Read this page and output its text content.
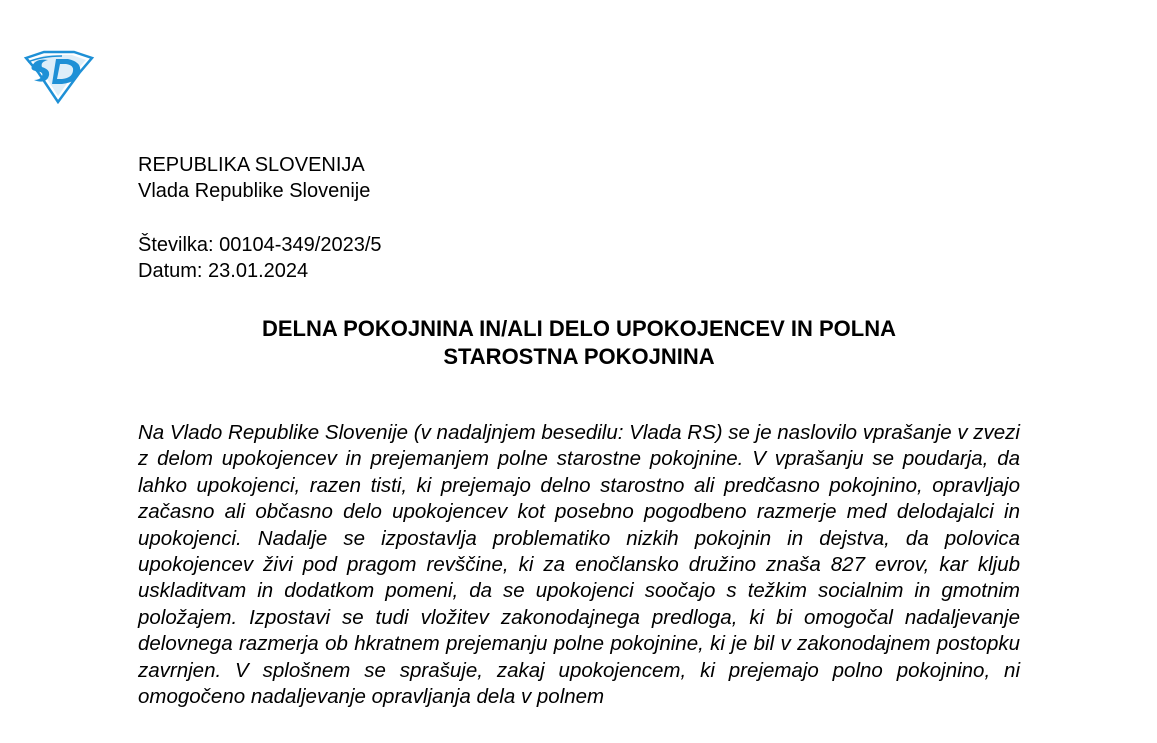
REPUBLIKA SLOVENIJA
Vlada Republike Slovenije
Številka: 00104-349/2023/5
Datum: 23.01.2024
DELNA POKOJNINA IN/ALI DELO UPOKOJENCEV IN POLNA
STAROSTNA POKOJNINA
Na Vlado Republike Slovenije (v nadaljnjem besedilu: Vlada RS) se je naslovilo vprašanje v zvezi z delom upokojencev in prejemanjem polne starostne pokojnine. V vprašanju se poudarja, da lahko upokojenci, razen tisti, ki prejemajo delno starostno ali predčasno pokojnino, opravljajo začasno ali občasno delo upokojencev kot posebno pogodbeno razmerje med delodajalci in upokojenci. Nadalje se izpostavlja problematiko nizkih pokojnin in dejstva, da polovica upokojencev živi pod pragom revščine, ki za enočlansko družino znaša 827 evrov, kar kljub uskladitvam in dodatkom pomeni, da se upokojenci soočajo s težkim socialnim in gmotnim položajem. Izpostavi se tudi vložitev zakonodajnega predloga, ki bi omogočal nadaljevanje delovnega razmerja ob hkratnem prejemanju polne pokojnine, ki je bil v zakonodajnem postopku zavrnjen. V splošnem se sprašuje, zakaj upokojencem, ki prejemajo polno pokojnino, ni omogočeno nadaljevanje opravljanja dela v polnem
